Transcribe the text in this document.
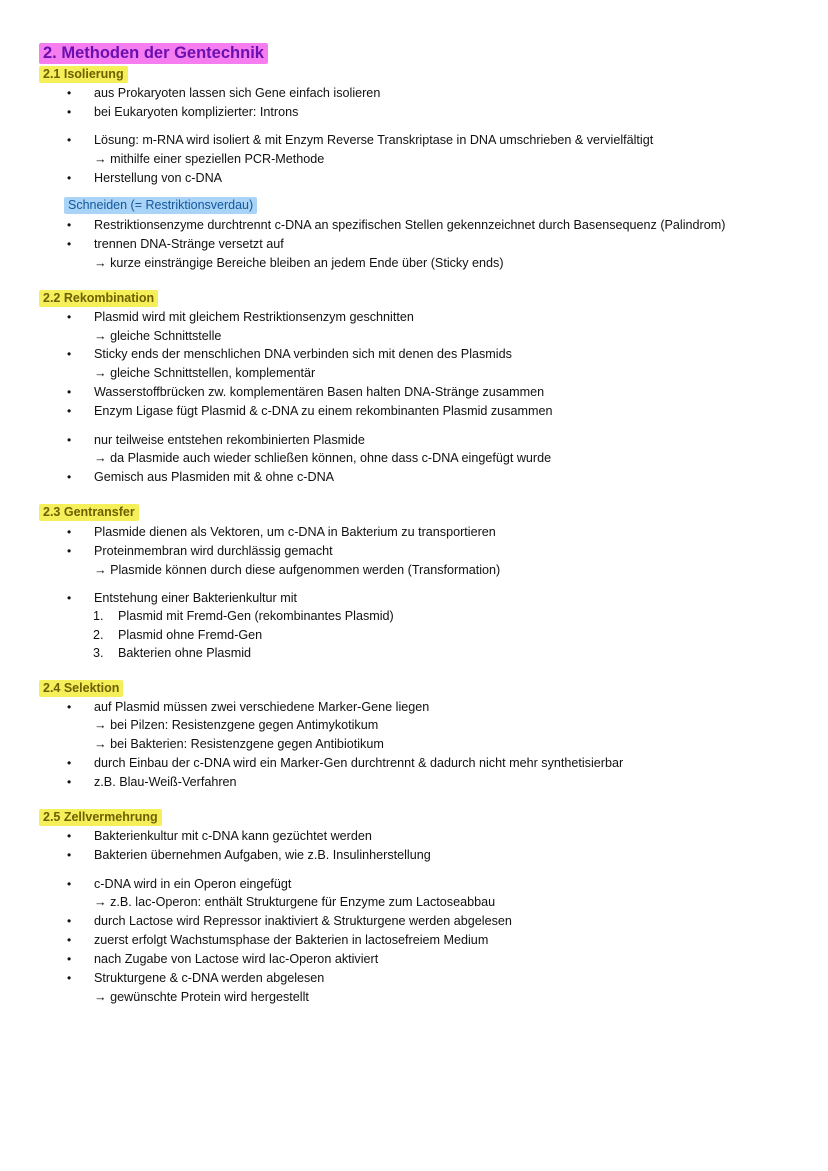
2. Methoden der Gentechnik
2.1 Isolierung
• aus Prokaryoten lassen sich Gene einfach isolieren
• bei Eukaryoten komplizierter: Introns
• Lösung: m-RNA wird isoliert & mit Enzym Reverse Transkriptase in DNA umschrieben & vervielfältigt
→ mithilfe einer speziellen PCR-Methode
• Herstellung von c-DNA
Schneiden (= Restriktionsverdau)
• Restriktionsenzyme durchtrennt c-DNA an spezifischen Stellen gekennzeichnet durch Basensequenz (Palindrom)
• trennen DNA-Stränge versetzt auf
→ kurze einsträngige Bereiche bleiben an jedem Ende über (Sticky ends)
2.2 Rekombination
• Plasmid wird mit gleichem Restriktionsenzym geschnitten
→ gleiche Schnittstelle
• Sticky ends der menschlichen DNA verbinden sich mit denen des Plasmids
→ gleiche Schnittstellen, komplementär
• Wasserstoffbrücken zw. komplementären Basen halten DNA-Stränge zusammen
• Enzym Ligase fügt Plasmid & c-DNA zu einem rekombinanten Plasmid zusammen
• nur teilweise entstehen rekombinierten Plasmide
→ da Plasmide auch wieder schließen können, ohne dass c-DNA eingefügt wurde
• Gemisch aus Plasmiden mit & ohne c-DNA
2.3 Gentransfer
• Plasmide dienen als Vektoren, um c-DNA in Bakterium zu transportieren
• Proteinmembran wird durchlässig gemacht
→ Plasmide können durch diese aufgenommen werden (Transformation)
• Entstehung einer Bakterienkultur mit
1. Plasmid mit Fremd-Gen (rekombinantes Plasmid)
2. Plasmid ohne Fremd-Gen
3. Bakterien ohne Plasmid
2.4 Selektion
• auf Plasmid müssen zwei verschiedene Marker-Gene liegen
→ bei Pilzen: Resistenzgene gegen Antimykotikum
→ bei Bakterien: Resistenzgene gegen Antibiotikum
• durch Einbau der c-DNA wird ein Marker-Gen durchtrennt & dadurch nicht mehr synthetisierbar
• z.B. Blau-Weiß-Verfahren
2.5 Zellvermehrung
• Bakterienkultur mit c-DNA kann gezüchtet werden
• Bakterien übernehmen Aufgaben, wie z.B. Insulinherstellung
• c-DNA wird in ein Operon eingefügt
→ z.B. lac-Operon: enthält Strukturgene für Enzyme zum Lactoseabbau
• durch Lactose wird Repressor inaktiviert & Strukturgene werden abgelesen
• zuerst erfolgt Wachstumsphase der Bakterien in lactosefreiem Medium
• nach Zugabe von Lactose wird lac-Operon aktiviert
• Strukturgene & c-DNA werden abgelesen
→ gewünschte Protein wird hergestellt
